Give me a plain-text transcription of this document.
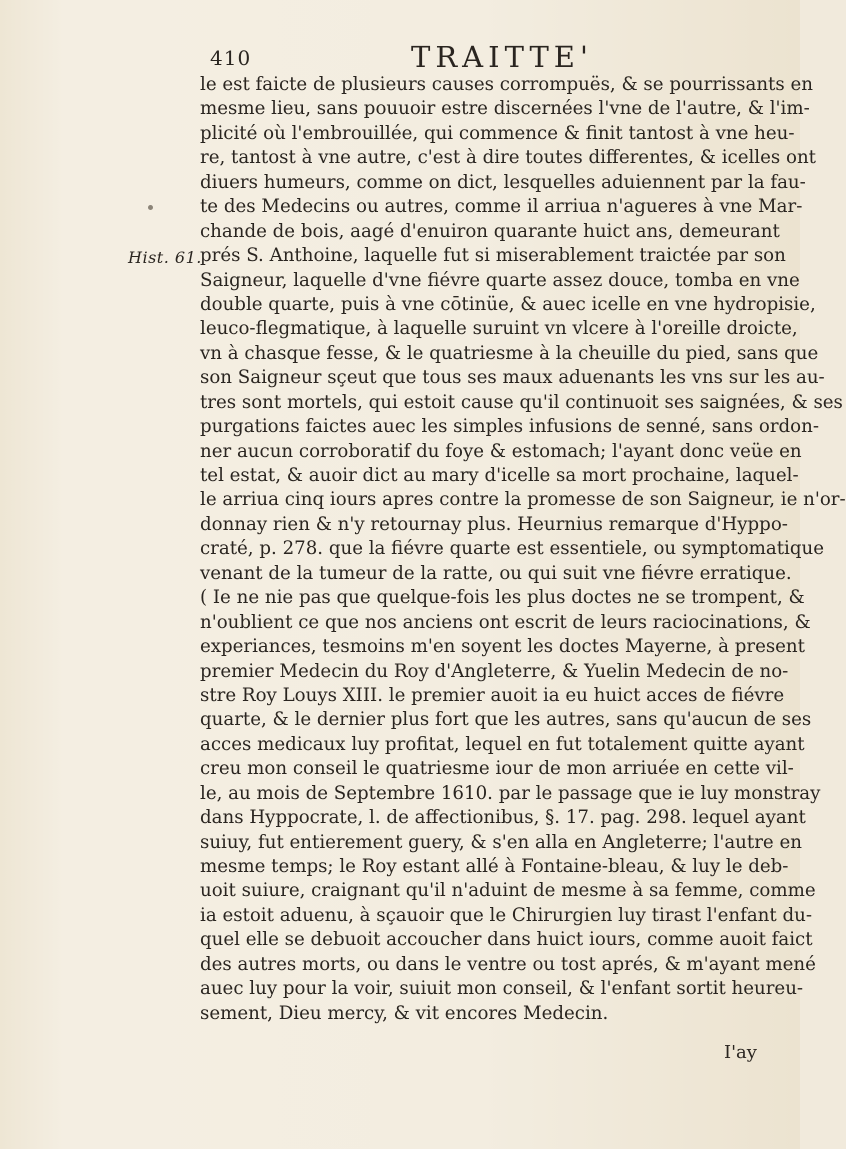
410	TRAITTE'
Hist. 61.
le est faicte de plusieurs causes corrompuës, & se pourrissants en
mesme lieu, sans pouuoir estre discernées l'vne de l'autre, & l'im-
plicité où l'embrouillée, qui commence & finit tantost à vne heu-
re, tantost à vne autre, c'est à dire toutes differentes, & icelles ont
diuers humeurs, comme on dict, lesquelles aduiennent par la fau-
te des Medecins ou autres, comme il arriua n'agueres à vne Mar-
chande de bois, aagé d'enuiron quarante huict ans, demeurant
prés S. Anthoine, laquelle fut si miserablement traictée par son
Saigneur, laquelle d'vne fiévre quarte assez douce, tomba en vne
double quarte, puis à vne cōtinüe, & auec icelle en vne hydropisie,
leuco-flegmatique, à laquelle suruint vn vlcere à l'oreille droicte,
vn à chasque fesse, & le quatriesme à la cheuille du pied, sans que
son Saigneur sçeut que tous ses maux aduenants les vns sur les au-
tres sont mortels, qui estoit cause qu'il continuoit ses saignées, & ses
purgations faictes auec les simples infusions de senné, sans ordon-
ner aucun corroboratif du foye & estomach; l'ayant donc veüe en
tel estat, & auoir dict au mary d'icelle sa mort prochaine, laquel-
le arriua cinq iours apres contre la promesse de son Saigneur, ie n'or-
donnay rien & n'y retournay plus. Heurnius remarque d'Hyppo-
craté, p. 278. que la fiévre quarte est essentiele, ou symptomatique
venant de la tumeur de la ratte, ou qui suit vne fiévre erratique.
( Ie ne nie pas que quelque-fois les plus doctes ne se trompent, &
n'oublient ce que nos anciens ont escrit de leurs raciocinations, &
experiances, tesmoins m'en soyent les doctes Mayerne, à present
premier Medecin du Roy d'Angleterre, & Yuelin Medecin de no-
stre Roy Louys XIII. le premier auoit ia eu huict acces de fiévre
quarte, & le dernier plus fort que les autres, sans qu'aucun de ses
acces medicaux luy profitat, lequel en fut totalement quitte ayant
creu mon conseil le quatriesme iour de mon arriuée en cette vil-
le, au mois de Septembre 1610. par le passage que ie luy monstray
dans Hyppocrate, l. de affectionibus, §. 17. pag. 298. lequel ayant
suiuy, fut entierement guery, & s'en alla en Angleterre; l'autre en
mesme temps; le Roy estant allé à Fontaine-bleau, & luy le deb-
uoit suiure, craignant qu'il n'aduint de mesme à sa femme, comme
ia estoit aduenu, à sçauoir que le Chirurgien luy tirast l'enfant du-
quel elle se debuoit accoucher dans huict iours, comme auoit faict
des autres morts, ou dans le ventre ou tost aprés, & m'ayant mené
auec luy pour la voir, suiuit mon conseil, & l'enfant sortit heureu-
sement, Dieu mercy, & vit encores Medecin.
I'ay
